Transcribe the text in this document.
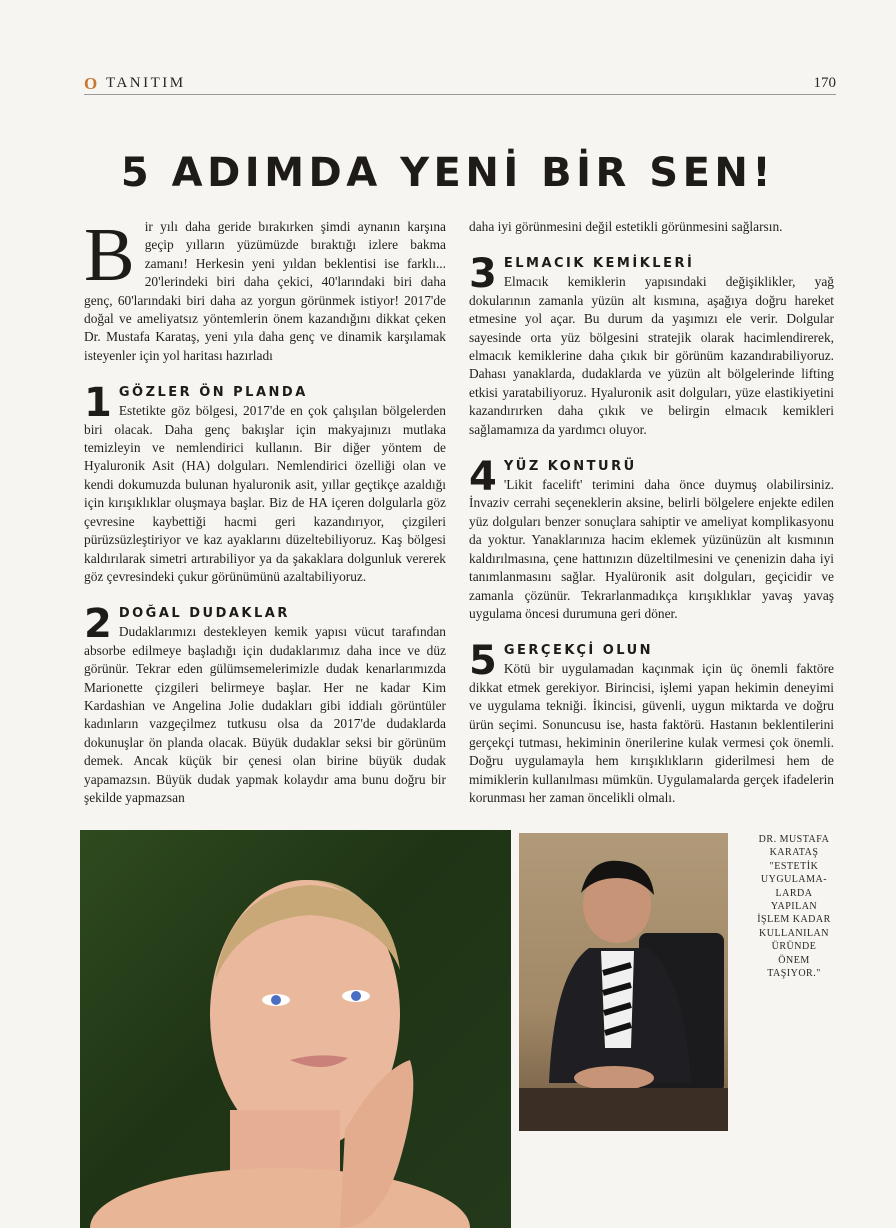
O TANITIM	170
5 ADIMDA YENİ BİR SEN!

Bir yılı daha geride bırakırken şimdi aynanın karşına geçip yılların yüzümüzde bıraktığı izlere bakma zamanı! Herkesin yeni yıldan beklentisi ise farklı... 20'lerindeki biri daha çekici, 40'larındaki biri daha genç, 60'larındaki biri daha az yorgun görünmek istiyor! 2017'de doğal ve ameliyatsız yöntemlerin önem kazandığını dikkat çeken Dr. Mustafa Karataş, yeni yıla daha genç ve dinamik karşılamak isteyenler için yol haritası hazırladı

1 GÖZLER ÖN PLANDA

Estetikte göz bölgesi, 2017'de en çok çalışılan bölgelerden biri olacak. Daha genç bakışlar için makyajınızı mutlaka temizleyin ve nemlendirici kullanın. Bir diğer yöntem de Hyaluronik Asit (HA) dolguları. Nemlendirici özelliği olan ve kendi dokumuzda bulunan hyaluronik asit, yıllar geçtikçe azaldığı için kırışıklıklar oluşmaya başlar. Biz de HA içeren dolgularla göz çevresine kaybettiği hacmi geri kazandırıyor, çizgileri pürüzsüzleştiriyor ve kaz ayaklarını düzeltebiliyoruz. Kaş bölgesi kaldırılarak simetri artırabiliyor ya da şakaklara dolgunluk vererek göz çevresindeki çukur görünümünü azaltabiliyoruz.

2 DOĞAL DUDAKLAR

Dudaklarımızı destekleyen kemik yapısı vücut tarafından absorbe edilmeye başladığı için dudaklarımız daha ince ve düz görünür. Tekrar eden gülümsemelerimizle dudak kenarlarımızda Marionette çizgileri belirmeye başlar. Her ne kadar Kim Kardashian ve Angelina Jolie dudakları gibi iddialı görüntüler kadınların vazgeçilmez tutkusu olsa da 2017'de dudaklarda dokunuşlar ön planda olacak. Büyük dudaklar seksi bir görünüm demek. Ancak küçük bir çenesi olan birine büyük dudak yapamazsın. Büyük dudak yapmak kolaydır ama bunu doğru bir şekilde yapmazsan

daha iyi görünmesini değil estetikli görünmesini sağlarsın.

3 ELMACIK KEMİKLERİ

Elmacık kemiklerin yapısındaki değişiklikler, yağ dokularının zamanla yüzün alt kısmına, aşağıya doğru hareket etmesine yol açar. Bu durum da yaşımızı ele verir. Dolgular sayesinde orta yüz bölgesini stratejik olarak hacimlendirerek, elmacık kemiklerine daha çıkık bir görünüm kazandırabiliyoruz. Dahası yanaklarda, dudaklarda ve yüzün alt bölgelerinde lifting etkisi yaratabiliyoruz. Hyaluronik asit dolguları, yüze elastikiyetini kazandırırken daha çıkık ve belirgin elmacık kemikleri sağlamamıza da yardımcı oluyor.

4 YÜZ KONTURÜ

'Likit facelift' terimini daha önce duymuş olabilirsiniz. İnvaziv cerrahi seçeneklerin aksine, belirli bölgelere enjekte edilen yüz dolguları benzer sonuçlara sahiptir ve ameliyat komplikasyonu da yoktur. Yanaklarınıza hacim eklemek yüzünüzün alt kısmının kaldırılmasına, çene hattınızın düzeltilmesini ve çenenizin daha iyi tanımlanmasını sağlar. Hyalüronik asit dolguları, geçicidir ve zamanla çözünür. Tekrarlanmadıkça kırışıklıklar yavaş yavaş uygulama öncesi durumuna geri döner.

5 GERÇEKÇİ OLUN

Kötü bir uygulamadan kaçınmak için üç önemli faktöre dikkat etmek gerekiyor. Birincisi, işlemi yapan hekimin deneyimi ve uygulama tekniği. İkincisi, güvenli, uygun miktarda ve doğru ürün seçimi. Sonuncusu ise, hasta faktörü. Hastanın beklentilerini gerçekçi tutması, hekiminin önerilerine kulak vermesi çok önemli. Doğru uygulamayla hem kırışıklıkların giderilmesi hem de mimiklerin kullanılması mümkün. Uygulamalarda gerçek ifadelerin korunması her zaman öncelikli olmalı.

DR. MUSTAFA
KARATAŞ
"ESTETİK
UYGULAMA-
LARDA
YAPILAN
İŞLEM KADAR
KULLANILAN
ÜRÜNDE
ÖNEM
TAŞIYOR."
